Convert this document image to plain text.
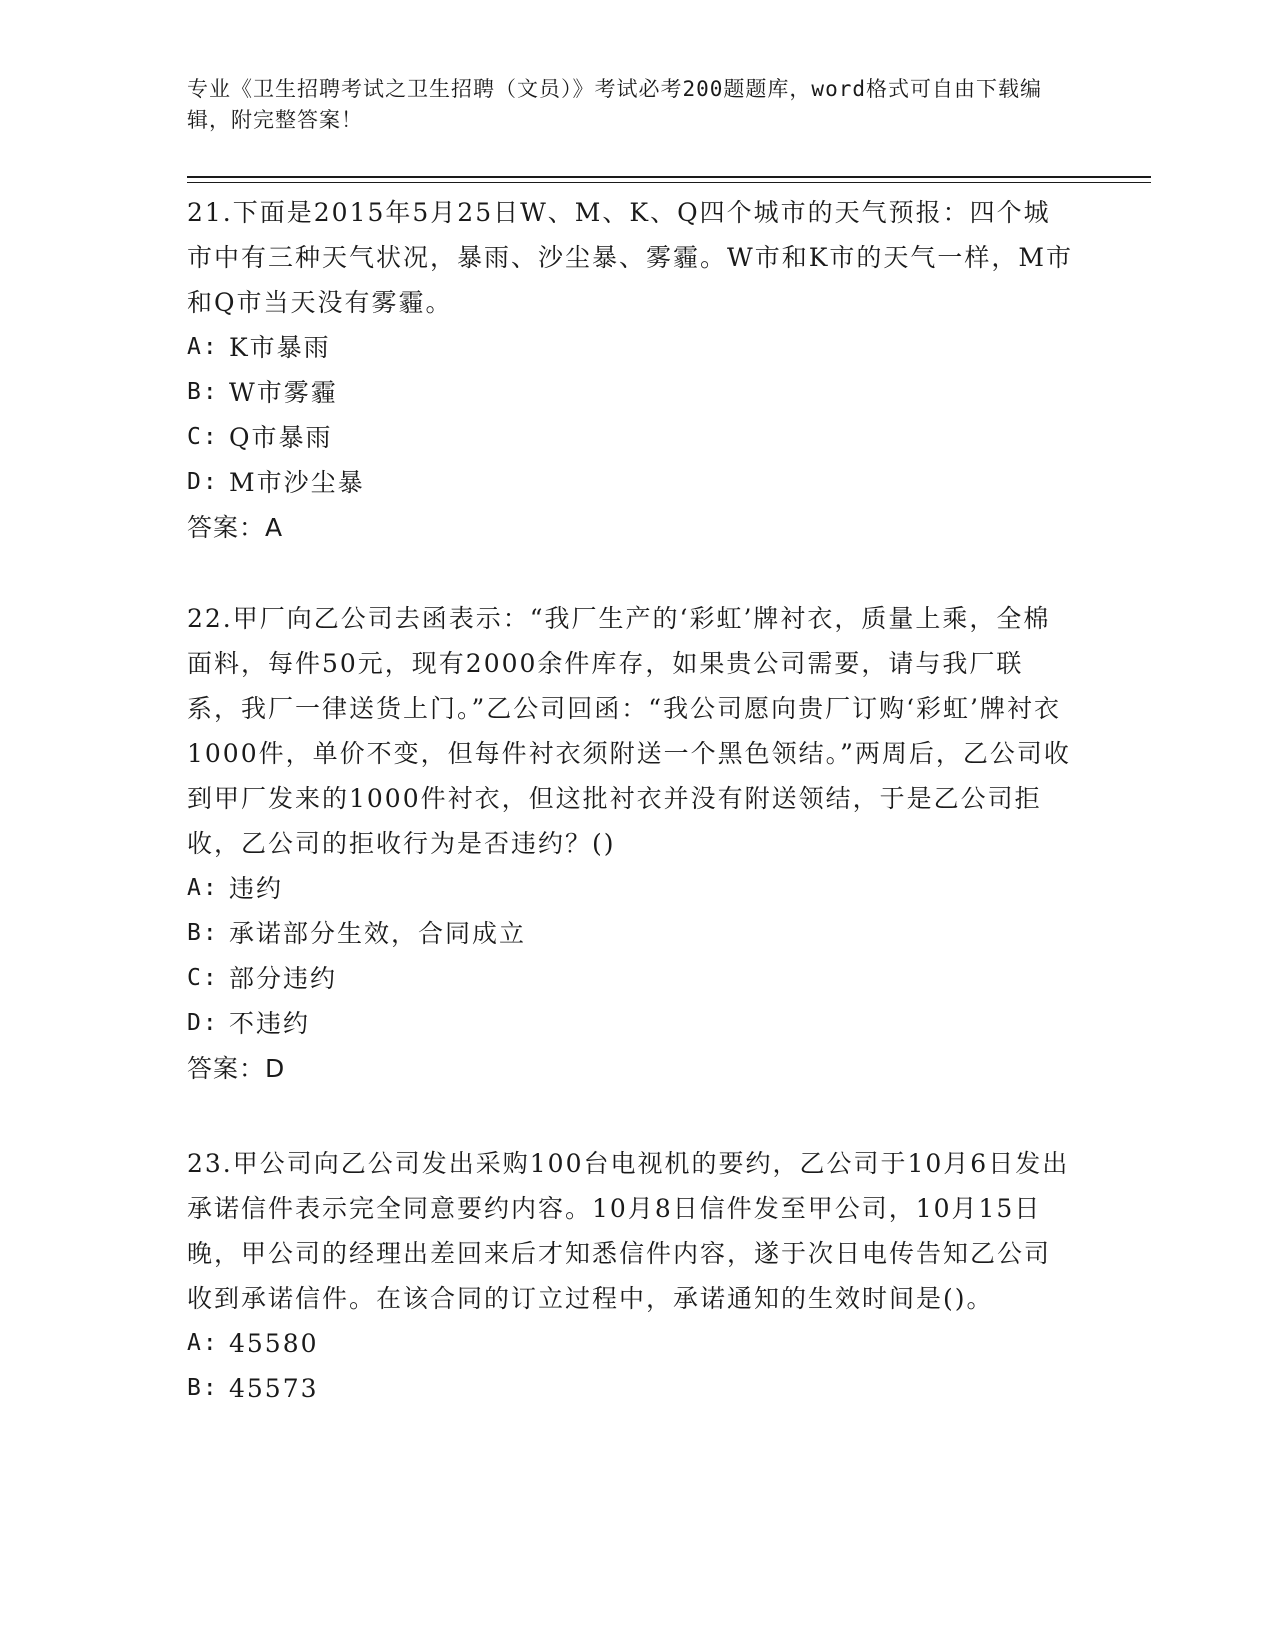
专业《卫生招聘考试之卫生招聘（文员）》考试必考200题题库，word格式可自由下载编辑，附完整答案！

21.下面是2015年5月25日W、M、K、Q四个城市的天气预报：四个城市中有三种天气状况，暴雨、沙尘暴、雾霾。W市和K市的天气一样，M市和Q市当天没有雾霾。

A: K市暴雨
B: W市雾霾
C: Q市暴雨
D: M市沙尘暴

答案：A

22.甲厂向乙公司去函表示：“我厂生产的‘彩虹’牌衬衣，质量上乘，全棉面料，每件50元，现有2000余件库存，如果贵公司需要，请与我厂联系，我厂一律送货上门。”乙公司回函：“我公司愿向贵厂订购‘彩虹’牌衬衣1000件，单价不变，但每件衬衣须附送一个黑色领结。”两周后，乙公司收到甲厂发来的1000件衬衣，但这批衬衣并没有附送领结，于是乙公司拒收，乙公司的拒收行为是否违约？()

A: 违约
B: 承诺部分生效，合同成立
C: 部分违约
D: 不违约

答案：D

23.甲公司向乙公司发出采购100台电视机的要约，乙公司于10月6日发出承诺信件表示完全同意要约内容。10月8日信件发至甲公司，10月15日晚，甲公司的经理出差回来后才知悉信件内容，遂于次日电传告知乙公司收到承诺信件。在该合同的订立过程中，承诺通知的生效时间是()。

A: 45580
B: 45573
